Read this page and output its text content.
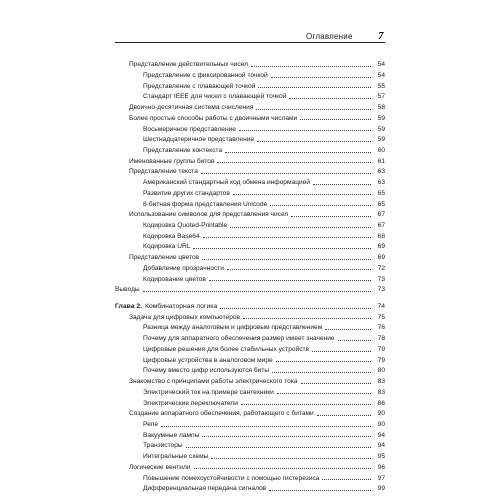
Оглавление 7
Представление действительных чисел	54
Представление с фиксированной точкой	54
Представление с плавающей точкой	55
Стандарт IEEE для чисел с плавающей точкой	57
Двоично-десятичная система счисления	58
Более простые способы работы с двоичными числами	59
Восьмеричное представление	59
Шестнадцатеричное представление	59
Представление контекста	60
Именованные группы битов	61
Представление текста	63
Американский стандартный код обмена информацией	63
Развитие других стандартов	65
8-битная форма представления Unicode	65
Использование символов для представления чисел	67
Кодировка Quoted-Printable	67
Кодировка Base64	68
Кодировка URL	69
Представление цветов	69
Добавление прозрачности	72
Кодирование цветов	73
Выводы	73
Глава 2. Комбинаторная логика	74
Задача для цифровых компьютеров	75
Разница между аналоговым и цифровым представлением	76
Почему для аппаратного обеспечения размер имеет значение	78
Цифровые решения для более стабильных устройств	79
Цифровые устройства в аналоговом мире	79
Почему вместо цифр используются биты	80
Знакомство с принципами работы электрического тока	83
Электрический ток на примере сантехники	83
Электрические переключатели	86
Создание аппаратного обеспечения, работающего с битами	90
Реле	90
Вакуумные лампы	94
Транзисторы	94
Интегральные схемы	95
Логические вентили	96
Повышение помехоустойчивости с помощью гистерезиса	97
Дифференциальная передача сигналов	99
